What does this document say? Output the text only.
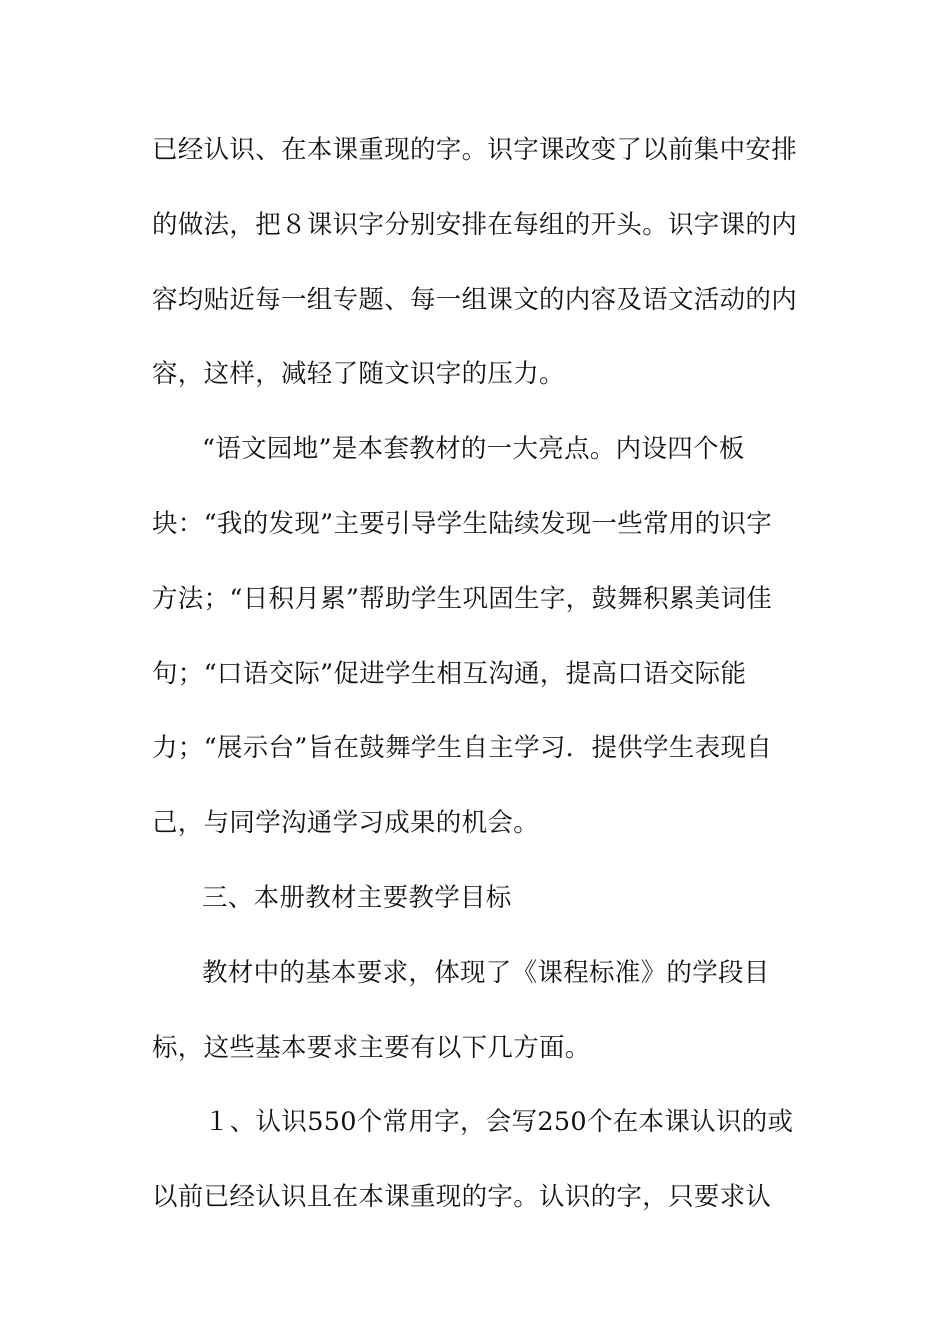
已经认识、在本课重现的字。识字课改变了以前集中安排
的做法，把８课识字分别安排在每组的开头。识字课的内
容均贴近每一组专题、每一组课文的内容及语文活动的内
容，这样，减轻了随文识字的压力。
“语文园地”是本套教材的一大亮点。内设四个板
块：“我的发现”主要引导学生陆续发现一些常用的识字
方法；“日积月累”帮助学生巩固生字，鼓舞积累美词佳
句；“口语交际”促进学生相互沟通，提高口语交际能
力；“展示台”旨在鼓舞学生自主学习．提供学生表现自
己，与同学沟通学习成果的机会。
三、本册教材主要教学目标
教材中的基本要求，体现了《课程标准》的学段目
标，这些基本要求主要有以下几方面。
１、认识550个常用字，会写250个在本课认识的或
以前已经认识且在本课重现的字。认识的字，只要求认
